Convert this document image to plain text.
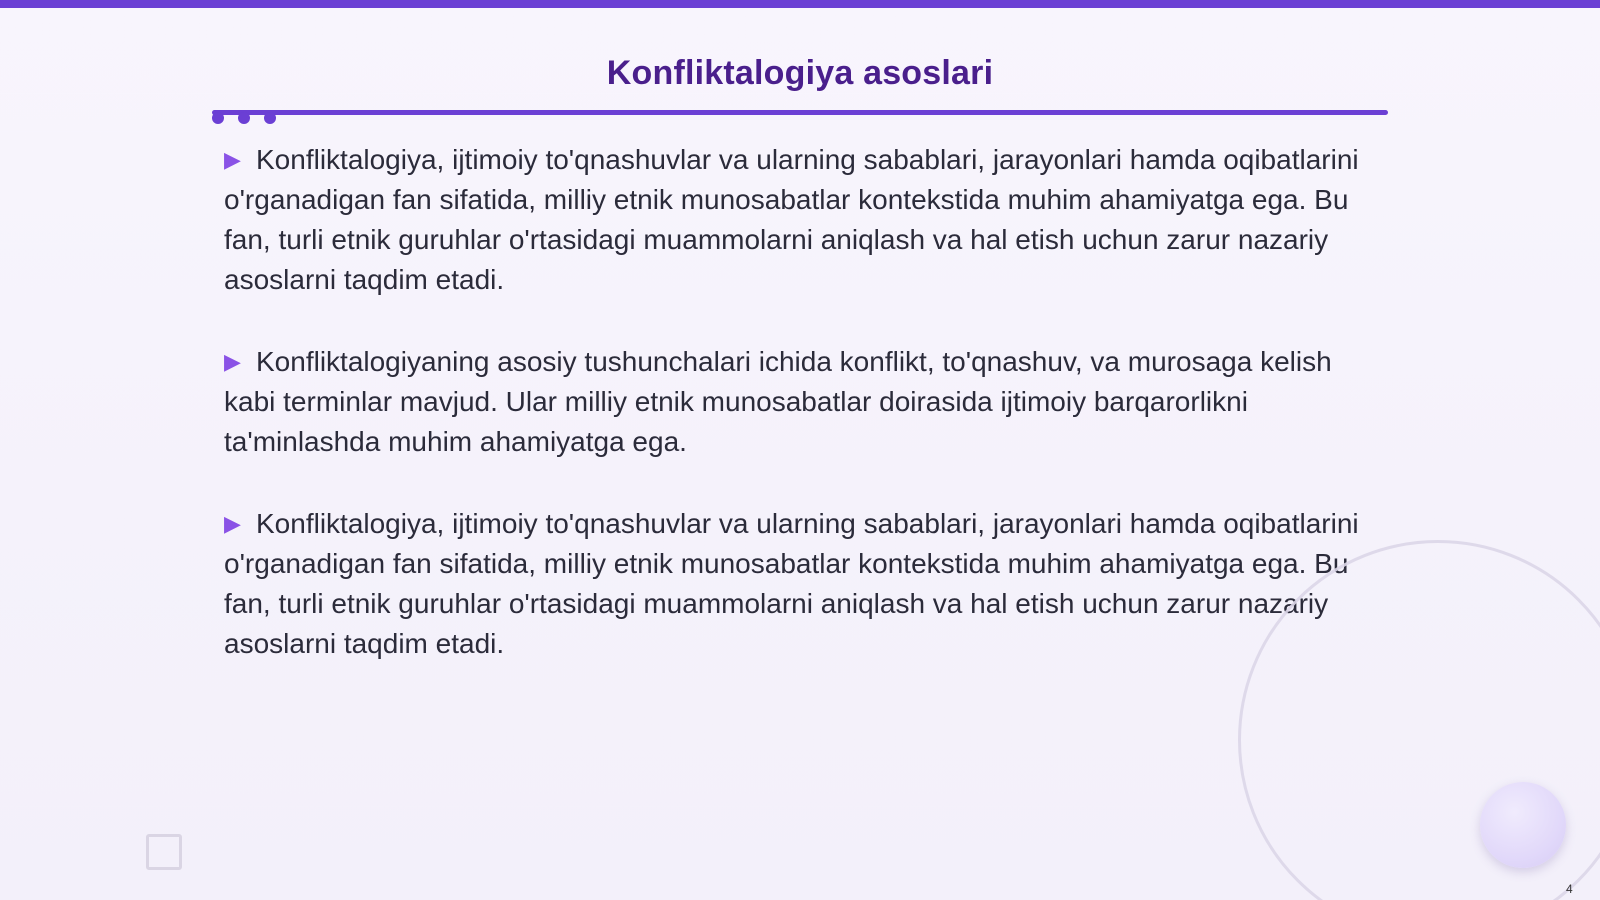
Konfliktalogiya asoslari

▶ Konfliktalogiya, ijtimoiy to'qnashuvlar va ularning sabablari, jarayonlari hamda oqibatlarini o'rganadigan fan sifatida, milliy etnik munosabatlar kontekstida muhim ahamiyatga ega. Bu fan, turli etnik guruhlar o'rtasidagi muammolarni aniqlash va hal etish uchun zarur nazariy asoslarni taqdim etadi.

▶ Konfliktalogiyaning asosiy tushunchalari ichida konflikt, to'qnashuv, va murosaga kelish kabi terminlar mavjud. Ular milliy etnik munosabatlar doirasida ijtimoiy barqarorlikni ta'minlashda muhim ahamiyatga ega.

▶ Konfliktalogiya, ijtimoiy to'qnashuvlar va ularning sabablari, jarayonlari hamda oqibatlarini o'rganadigan fan sifatida, milliy etnik munosabatlar kontekstida muhim ahamiyatga ega. Bu fan, turli etnik guruhlar o'rtasidagi muammolarni aniqlash va hal etish uchun zarur nazariy asoslarni taqdim etadi.

4
